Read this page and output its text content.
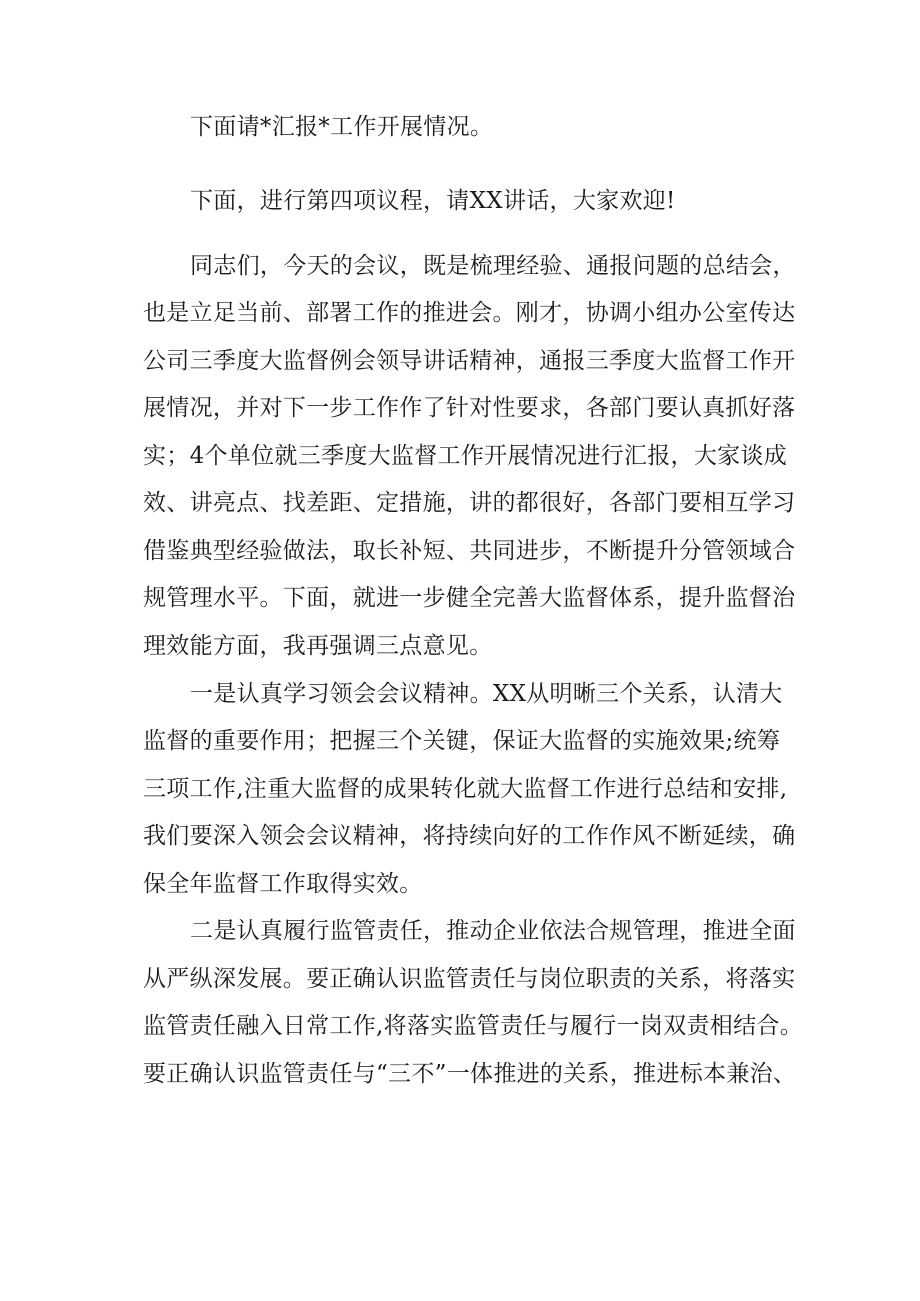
下面请*汇报*工作开展情况。

下面，进行第四项议程，请XX讲话，大家欢迎!

同志们，今天的会议，既是梳理经验、通报问题的总结会，

也是立足当前、部署工作的推进会。刚才，协调小组办公室传达

公司三季度大监督例会领导讲话精神，通报三季度大监督工作开

展情况，并对下一步工作作了针对性要求，各部门要认真抓好落

实；4个单位就三季度大监督工作开展情况进行汇报，大家谈成

效、讲亮点、找差距、定措施，讲的都很好，各部门要相互学习

借鉴典型经验做法，取长补短、共同进步，不断提升分管领域合

规管理水平。下面，就进一步健全完善大监督体系，提升监督治

理效能方面，我再强调三点意见。

一是认真学习领会会议精神。XX从明晰三个关系，认清大

监督的重要作用；把握三个关键，保证大监督的实施效果;统筹

三项工作,注重大监督的成果转化就大监督工作进行总结和安排,

我们要深入领会会议精神，将持续向好的工作作风不断延续，确

保全年监督工作取得实效。

二是认真履行监管责任，推动企业依法合规管理，推进全面

从严纵深发展。要正确认识监管责任与岗位职责的关系，将落实

监管责任融入日常工作,将落实监管责任与履行一岗双责相结合。

要正确认识监管责任与“三不”一体推进的关系，推进标本兼治、
